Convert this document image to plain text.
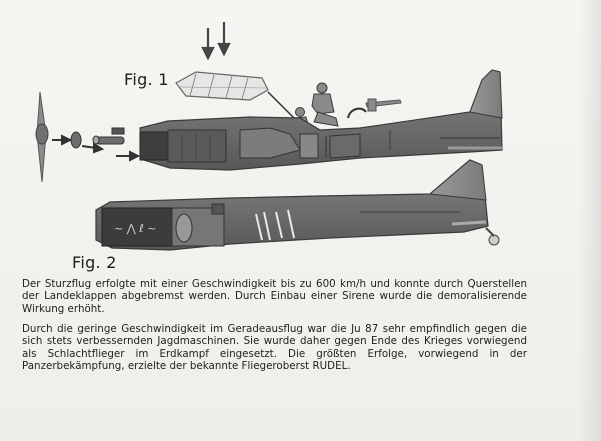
~ ⋀ ℓ ~
Fig. 1
Fig. 2

Der Sturzflug erfolgte mit einer Geschwindigkeit bis zu 600 km/h und konnte durch Querstellen der Landeklappen abgebremst werden. Durch Einbau einer Sirene wurde die demoralisierende Wirkung erhöht.

Durch die geringe Geschwindigkeit im Geradeausflug war die Ju 87 sehr empfindlich gegen die sich stets verbessernden Jagdmaschinen. Sie wurde daher gegen Ende des Krieges vorwiegend als Schlachtflieger im Erdkampf eingesetzt. Die größten Erfolge, vorwiegend in der Panzerbekämpfung, erzielte der bekannte Fliegeroberst RUDEL.
